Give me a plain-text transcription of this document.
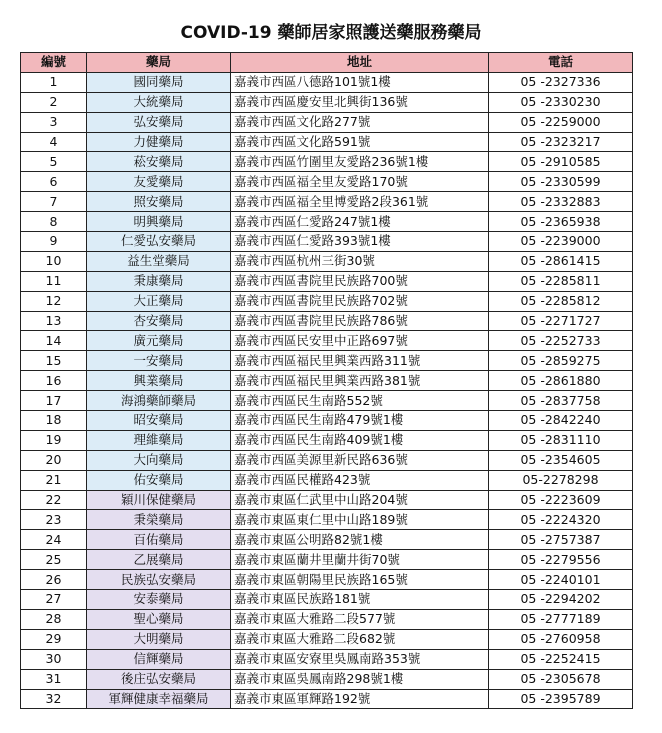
COVID-19 藥師居家照護送藥服務藥局
編號	藥局	地址	電話
1	國同藥局	嘉義市西區八德路101號1樓	05 -2327336
2	大統藥局	嘉義市西區慶安里北興街136號	05 -2330230
3	弘安藥局	嘉義市西區文化路277號	05 -2259000
4	力健藥局	嘉義市西區文化路591號	05 -2323217
5	菘安藥局	嘉義市西區竹圍里友愛路236號1樓	05 -2910585
6	友愛藥局	嘉義市西區福全里友愛路170號	05 -2330599
7	照安藥局	嘉義市西區福全里博愛路2段361號	05 -2332883
8	明興藥局	嘉義市西區仁愛路247號1樓	05 -2365938
9	仁愛弘安藥局	嘉義市西區仁愛路393號1樓	05 -2239000
10	益生堂藥局	嘉義市西區杭州三街30號	05 -2861415
11	秉康藥局	嘉義市西區書院里民族路700號	05 -2285811
12	大正藥局	嘉義市西區書院里民族路702號	05 -2285812
13	杏安藥局	嘉義市西區書院里民族路786號	05 -2271727
14	廣元藥局	嘉義市西區民安里中正路697號	05 -2252733
15	一安藥局	嘉義市西區福民里興業西路311號	05 -2859275
16	興業藥局	嘉義市西區福民里興業西路381號	05 -2861880
17	海鴻藥師藥局	嘉義市西區民生南路552號	05 -2837758
18	昭安藥局	嘉義市西區民生南路479號1樓	05 -2842240
19	理維藥局	嘉義市西區民生南路409號1樓	05 -2831110
20	大向藥局	嘉義市西區美源里新民路636號	05 -2354605
21	佑安藥局	嘉義市西區民權路423號	05-2278298
22	穎川保健藥局	嘉義市東區仁武里中山路204號	05 -2223609
23	秉榮藥局	嘉義市東區東仁里中山路189號	05 -2224320
24	百佑藥局	嘉義市東區公明路82號1樓	05 -2757387
25	乙展藥局	嘉義市東區蘭井里蘭井街70號	05 -2279556
26	民族弘安藥局	嘉義市東區朝陽里民族路165號	05 -2240101
27	安泰藥局	嘉義市東區民族路181號	05 -2294202
28	聖心藥局	嘉義市東區大雅路二段577號	05 -2777189
29	大明藥局	嘉義市東區大雅路二段682號	05 -2760958
30	信輝藥局	嘉義市東區安寮里吳鳳南路353號	05 -2252415
31	後庄弘安藥局	嘉義市東區吳鳳南路298號1樓	05 -2305678
32	軍輝健康幸福藥局	嘉義市東區軍輝路192號	05 -2395789
